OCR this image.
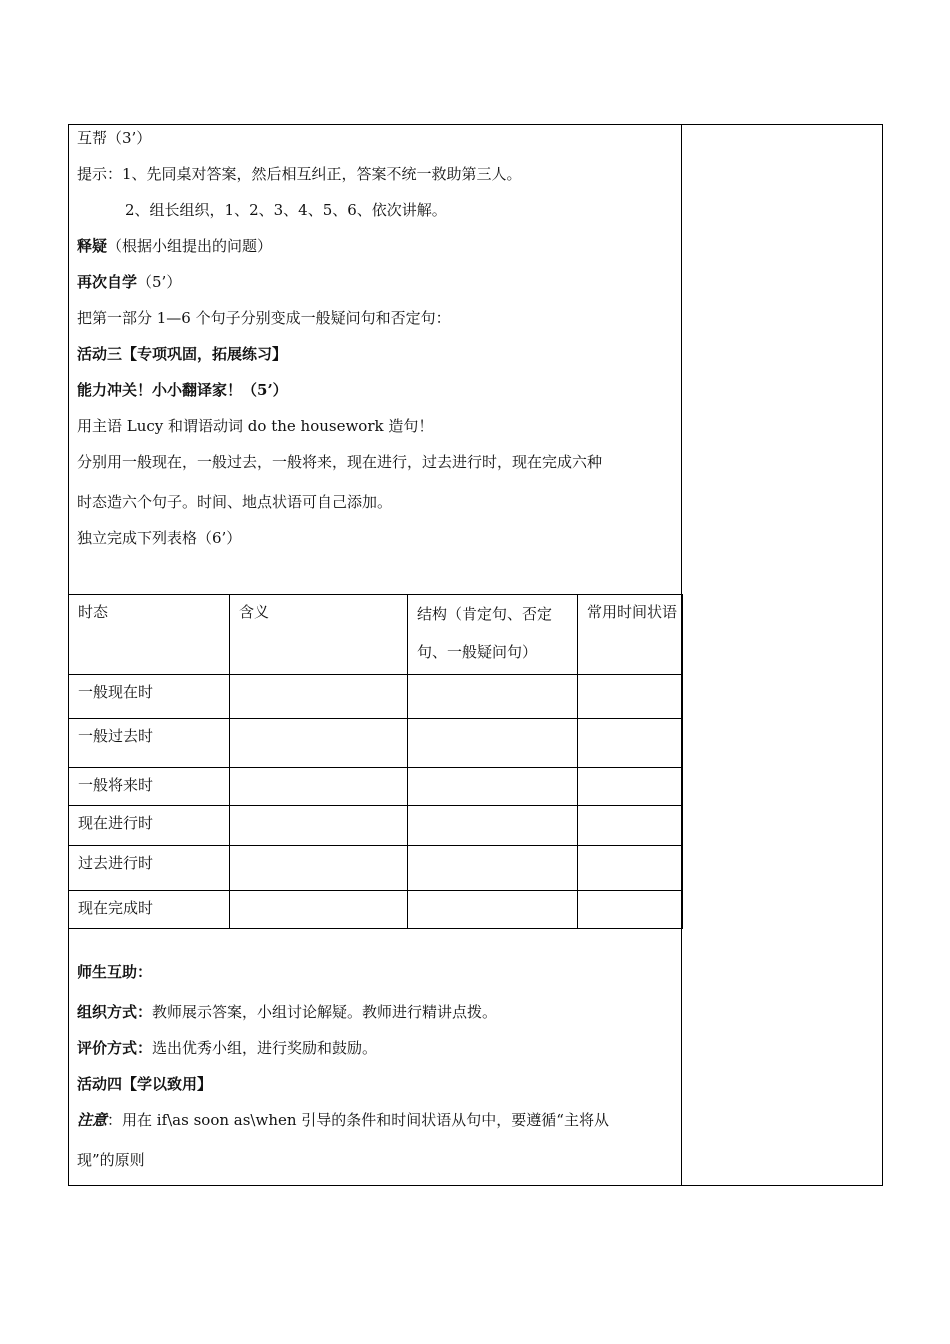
互帮（3’）
提示：1、先同桌对答案，然后相互纠正，答案不统一救助第三人。
2、组长组织，1、2、3、4、5、6、依次讲解。
释疑（根据小组提出的问题）
再次自学（5’）
把第一部分 1—6 个句子分别变成一般疑问句和否定句：
活动三【专项巩固，拓展练习】
能力冲关！小小翻译家！（5’）
用主语 Lucy 和谓语动词 do the housework 造句！
分别用一般现在，一般过去，一般将来，现在进行，过去进行时，现在完成六种
时态造六个句子。时间、地点状语可自己添加。
独立完成下列表格（6’）
时态	含义	结构（肯定句、否定
句、一般疑问句）	常用时间状语
一般现在时			
一般过去时			
一般将来时			
现在进行时			
过去进行时			
现在完成时			
师生互助：
组织方式：教师展示答案，小组讨论解疑。教师进行精讲点拨。
评价方式：选出优秀小组，进行奖励和鼓励。
活动四【学以致用】
注意：用在 if\as soon as\when 引导的条件和时间状语从句中，要遵循“主将从
现”的原则
